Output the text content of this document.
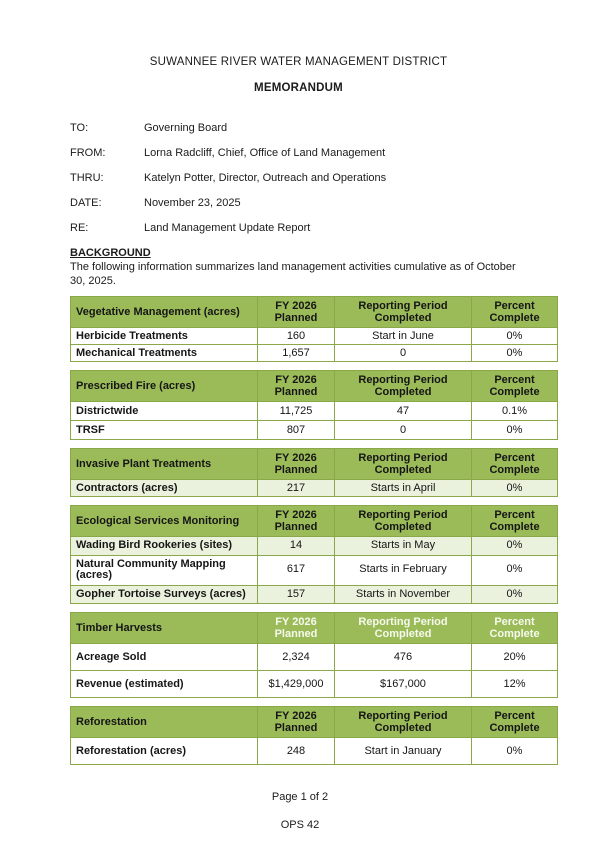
SUWANNEE RIVER WATER MANAGEMENT DISTRICT
MEMORANDUM
TO:	Governing Board
FROM:	Lorna Radcliff, Chief, Office of Land Management
THRU:	Katelyn Potter, Director, Outreach and Operations
DATE:	November 23, 2025
RE:	Land Management Update Report
BACKGROUND
The following information summarizes land management activities cumulative as of October 30, 2025.
Vegetative Management (acres)	FY 2026 Planned	Reporting Period Completed	Percent Complete
Herbicide Treatments	160	Start in June	0%
Mechanical Treatments	1,657	0	0%
Prescribed Fire (acres)	FY 2026 Planned	Reporting Period Completed	Percent Complete
Districtwide	11,725	47	0.1%
TRSF	807	0	0%
Invasive Plant Treatments	FY 2026 Planned	Reporting Period Completed	Percent Complete
Contractors (acres)	217	Starts in April	0%
Ecological Services Monitoring	FY 2026 Planned	Reporting Period Completed	Percent Complete
Wading Bird Rookeries (sites)	14	Starts in May	0%
Natural Community Mapping (acres)	617	Starts in February	0%
Gopher Tortoise Surveys (acres)	157	Starts in November	0%
Timber Harvests	FY 2026 Planned	Reporting Period Completed	Percent Complete
Acreage Sold	2,324	476	20%
Revenue (estimated)	$1,429,000	$167,000	12%
Reforestation	FY 2026 Planned	Reporting Period Completed	Percent Complete
Reforestation (acres)	248	Start in January	0%
Page 1 of 2
OPS 42
